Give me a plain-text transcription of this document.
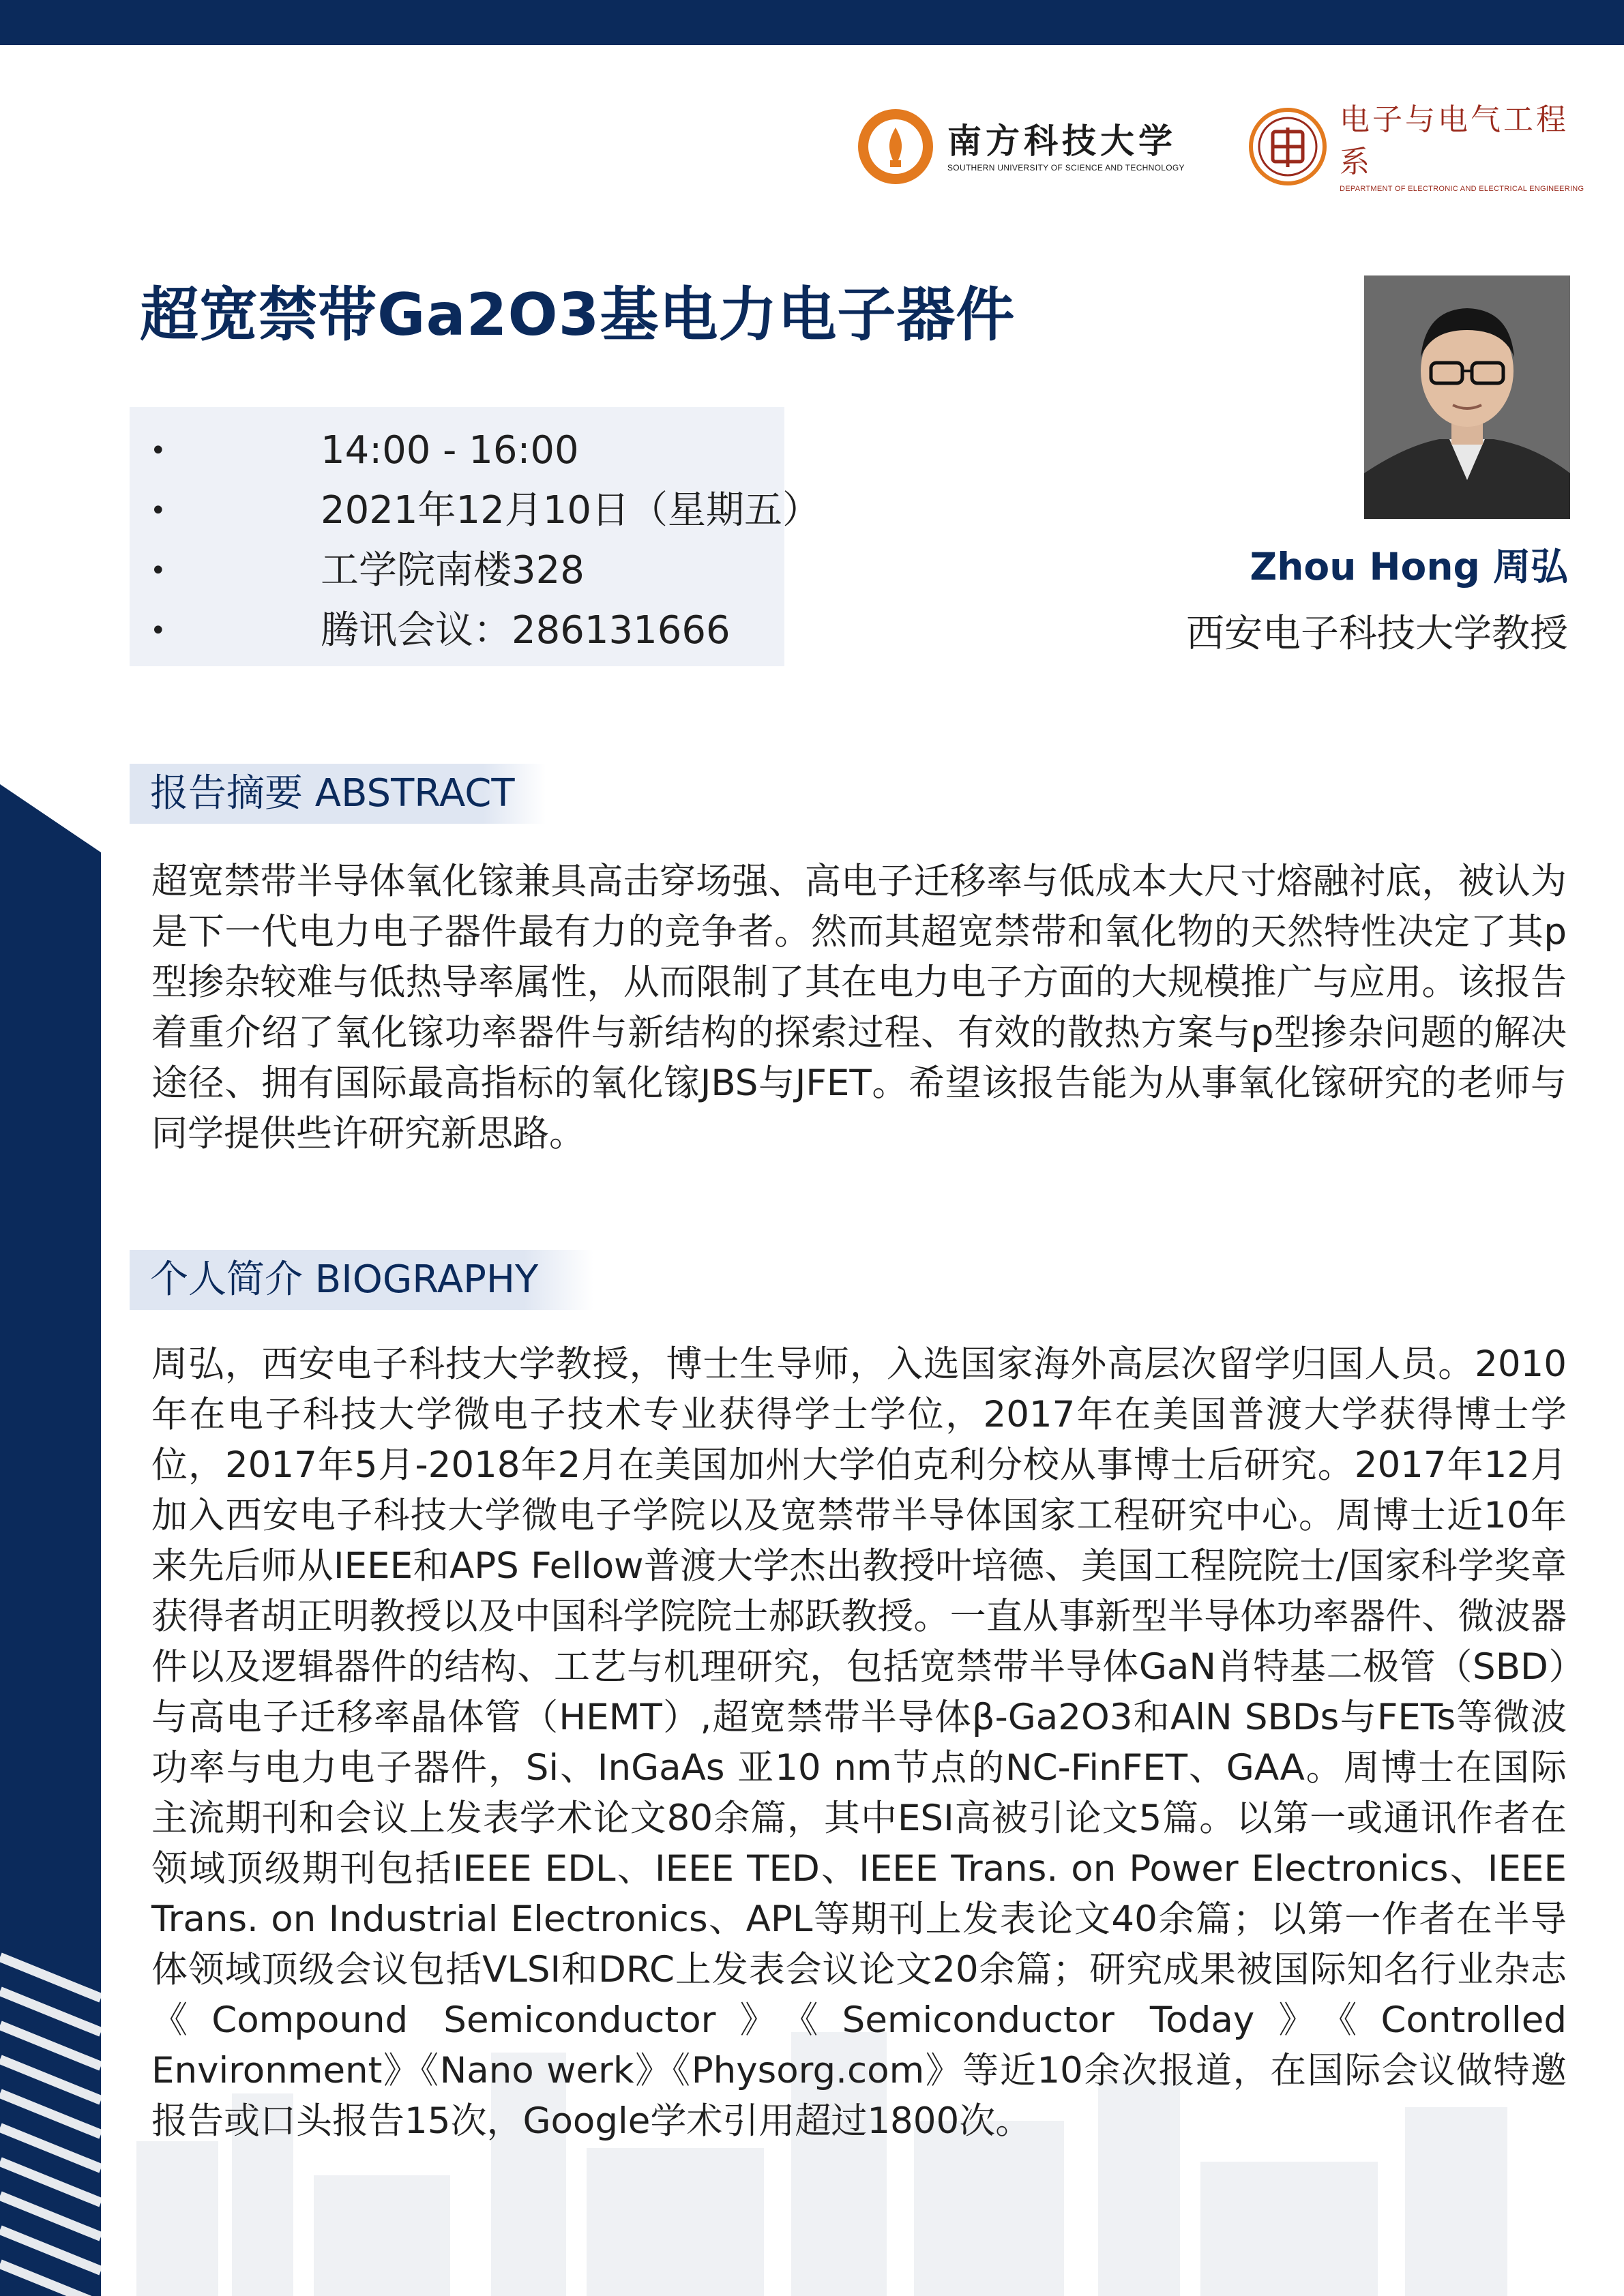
南方科技大学
SOUTHERN UNIVERSITY OF SCIENCE AND TECHNOLOGY
电子与电气工程系
DEPARTMENT OF ELECTRONIC AND ELECTRICAL ENGINEERING
超宽禁带Ga2O3基电力电子器件
•	14:00 - 16:00
•	2021年12月10日（星期五）
•	工学院南楼328
•	腾讯会议：286131666
Zhou Hong 周弘
西安电子科技大学教授
报告摘要 ABSTRACT

超宽禁带半导体氧化镓兼具高击穿场强、高电子迁移率与低成本大尺寸熔融衬底，被认为是下一代电力电子器件最有力的竞争者。然而其超宽禁带和氧化物的天然特性决定了其p型掺杂较难与低热导率属性，从而限制了其在电力电子方面的大规模推广与应用。该报告着重介绍了氧化镓功率器件与新结构的探索过程、有效的散热方案与p型掺杂问题的解决途径、拥有国际最高指标的氧化镓JBS与JFET。希望该报告能为从事氧化镓研究的老师与同学提供些许研究新思路。

个人简介 BIOGRAPHY

周弘，西安电子科技大学教授，博士生导师，入选国家海外高层次留学归国人员。2010年在电子科技大学微电子技术专业获得学士学位，2017年在美国普渡大学获得博士学位，2017年5月-2018年2月在美国加州大学伯克利分校从事博士后研究。2017年12月加入西安电子科技大学微电子学院以及宽禁带半导体国家工程研究中心。周博士近10年来先后师从IEEE和APS Fellow普渡大学杰出教授叶培德、美国工程院院士/国家科学奖章获得者胡正明教授以及中国科学院院士郝跃教授。一直从事新型半导体功率器件、微波器件以及逻辑器件的结构、工艺与机理研究，包括宽禁带半导体GaN肖特基二极管（SBD）与高电子迁移率晶体管（HEMT）,超宽禁带半导体β-Ga2O3和AlN SBDs与FETs等微波功率与电力电子器件，Si、InGaAs 亚10 nm节点的NC-FinFET、GAA。周博士在国际主流期刊和会议上发表学术论文80余篇，其中ESI高被引论文5篇。以第一或通讯作者在领域顶级期刊包括IEEE EDL、IEEE TED、IEEE Trans. on Power Electronics、IEEE Trans. on Industrial Electronics、APL等期刊上发表论文40余篇；以第一作者在半导体领域顶级会议包括VLSI和DRC上发表会议论文20余篇；研究成果被国际知名行业杂志《Compound Semiconductor》《Semiconductor Today》《Controlled Environment》《Nano werk》《Physorg.com》等近10余次报道，在国际会议做特邀报告或口头报告15次，Google学术引用超过1800次。
